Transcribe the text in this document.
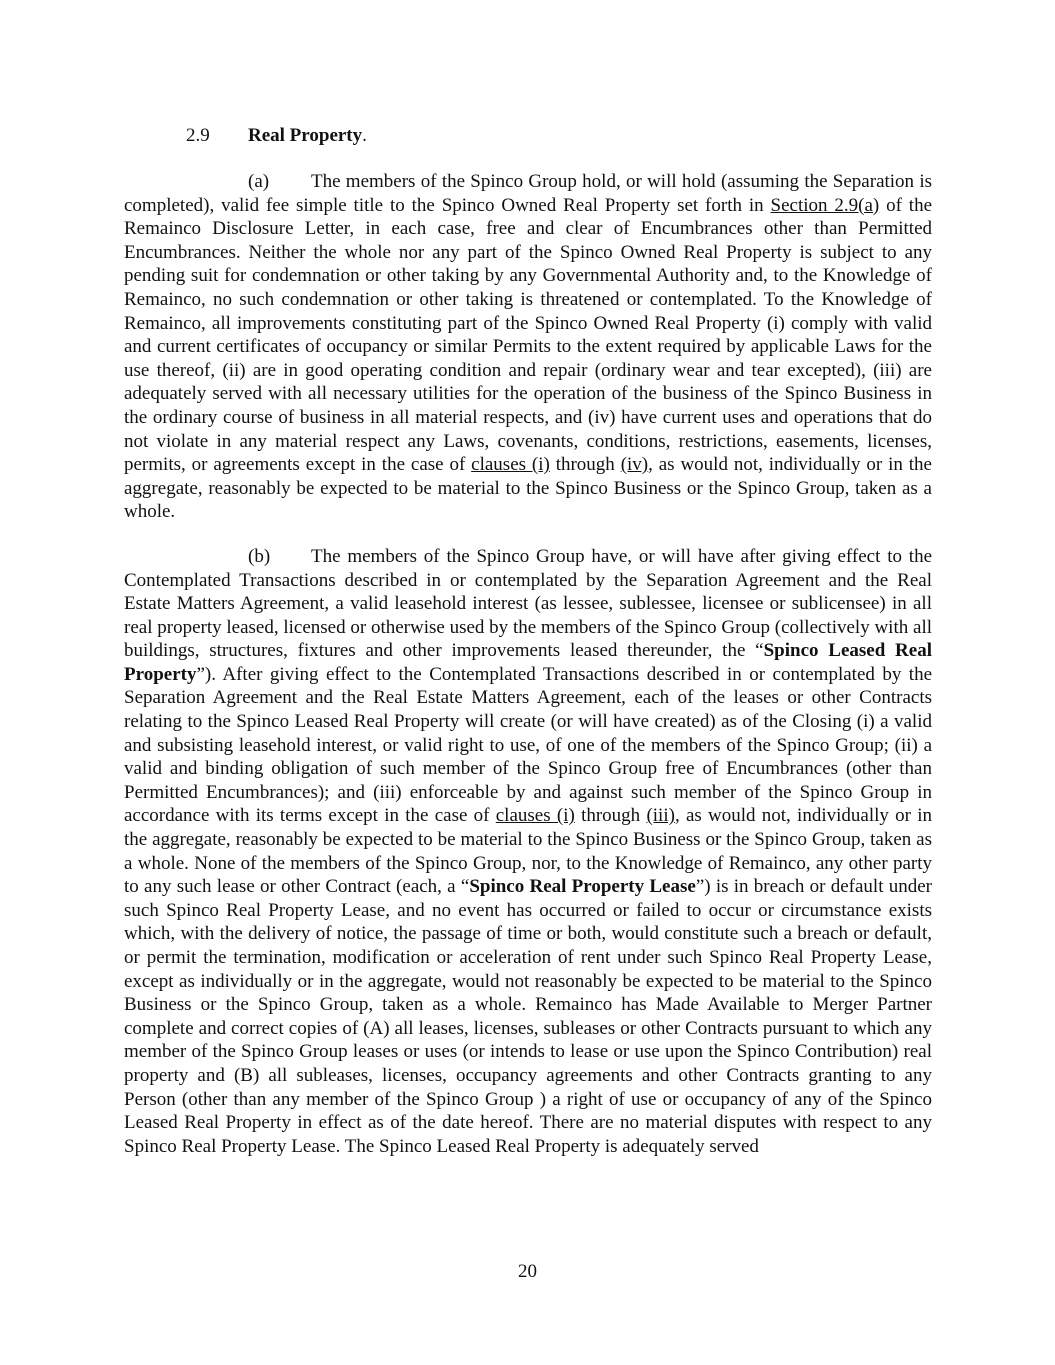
2.9 Real Property.

(a) The members of the Spinco Group hold, or will hold (assuming the Separation is completed), valid fee simple title to the Spinco Owned Real Property set forth in Section 2.9(a) of the Remainco Disclosure Letter, in each case, free and clear of Encumbrances other than Permitted Encumbrances. Neither the whole nor any part of the Spinco Owned Real Property is subject to any pending suit for condemnation or other taking by any Governmental Authority and, to the Knowledge of Remainco, no such condemnation or other taking is threatened or contemplated. To the Knowledge of Remainco, all improvements constituting part of the Spinco Owned Real Property (i) comply with valid and current certificates of occupancy or similar Permits to the extent required by applicable Laws for the use thereof, (ii) are in good operating condition and repair (ordinary wear and tear excepted), (iii) are adequately served with all necessary utilities for the operation of the business of the Spinco Business in the ordinary course of business in all material respects, and (iv) have current uses and operations that do not violate in any material respect any Laws, covenants, conditions, restrictions, easements, licenses, permits, or agreements except in the case of clauses (i) through (iv), as would not, individually or in the aggregate, reasonably be expected to be material to the Spinco Business or the Spinco Group, taken as a whole.

(b) The members of the Spinco Group have, or will have after giving effect to the Contemplated Transactions described in or contemplated by the Separation Agreement and the Real Estate Matters Agreement, a valid leasehold interest (as lessee, sublessee, licensee or sublicensee) in all real property leased, licensed or otherwise used by the members of the Spinco Group (collectively with all buildings, structures, fixtures and other improvements leased thereunder, the “Spinco Leased Real Property”). After giving effect to the Contemplated Transactions described in or contemplated by the Separation Agreement and the Real Estate Matters Agreement, each of the leases or other Contracts relating to the Spinco Leased Real Property will create (or will have created) as of the Closing (i) a valid and subsisting leasehold interest, or valid right to use, of one of the members of the Spinco Group; (ii) a valid and binding obligation of such member of the Spinco Group free of Encumbrances (other than Permitted Encumbrances); and (iii) enforceable by and against such member of the Spinco Group in accordance with its terms except in the case of clauses (i) through (iii), as would not, individually or in the aggregate, reasonably be expected to be material to the Spinco Business or the Spinco Group, taken as a whole. None of the members of the Spinco Group, nor, to the Knowledge of Remainco, any other party to any such lease or other Contract (each, a “Spinco Real Property Lease”) is in breach or default under such Spinco Real Property Lease, and no event has occurred or failed to occur or circumstance exists which, with the delivery of notice, the passage of time or both, would constitute such a breach or default, or permit the termination, modification or acceleration of rent under such Spinco Real Property Lease, except as individually or in the aggregate, would not reasonably be expected to be material to the Spinco Business or the Spinco Group, taken as a whole. Remainco has Made Available to Merger Partner complete and correct copies of (A) all leases, licenses, subleases or other Contracts pursuant to which any member of the Spinco Group leases or uses (or intends to lease or use upon the Spinco Contribution) real property and (B) all subleases, licenses, occupancy agreements and other Contracts granting to any Person (other than any member of the Spinco Group ) a right of use or occupancy of any of the Spinco Leased Real Property in effect as of the date hereof. There are no material disputes with respect to any Spinco Real Property Lease. The Spinco Leased Real Property is adequately served

20
